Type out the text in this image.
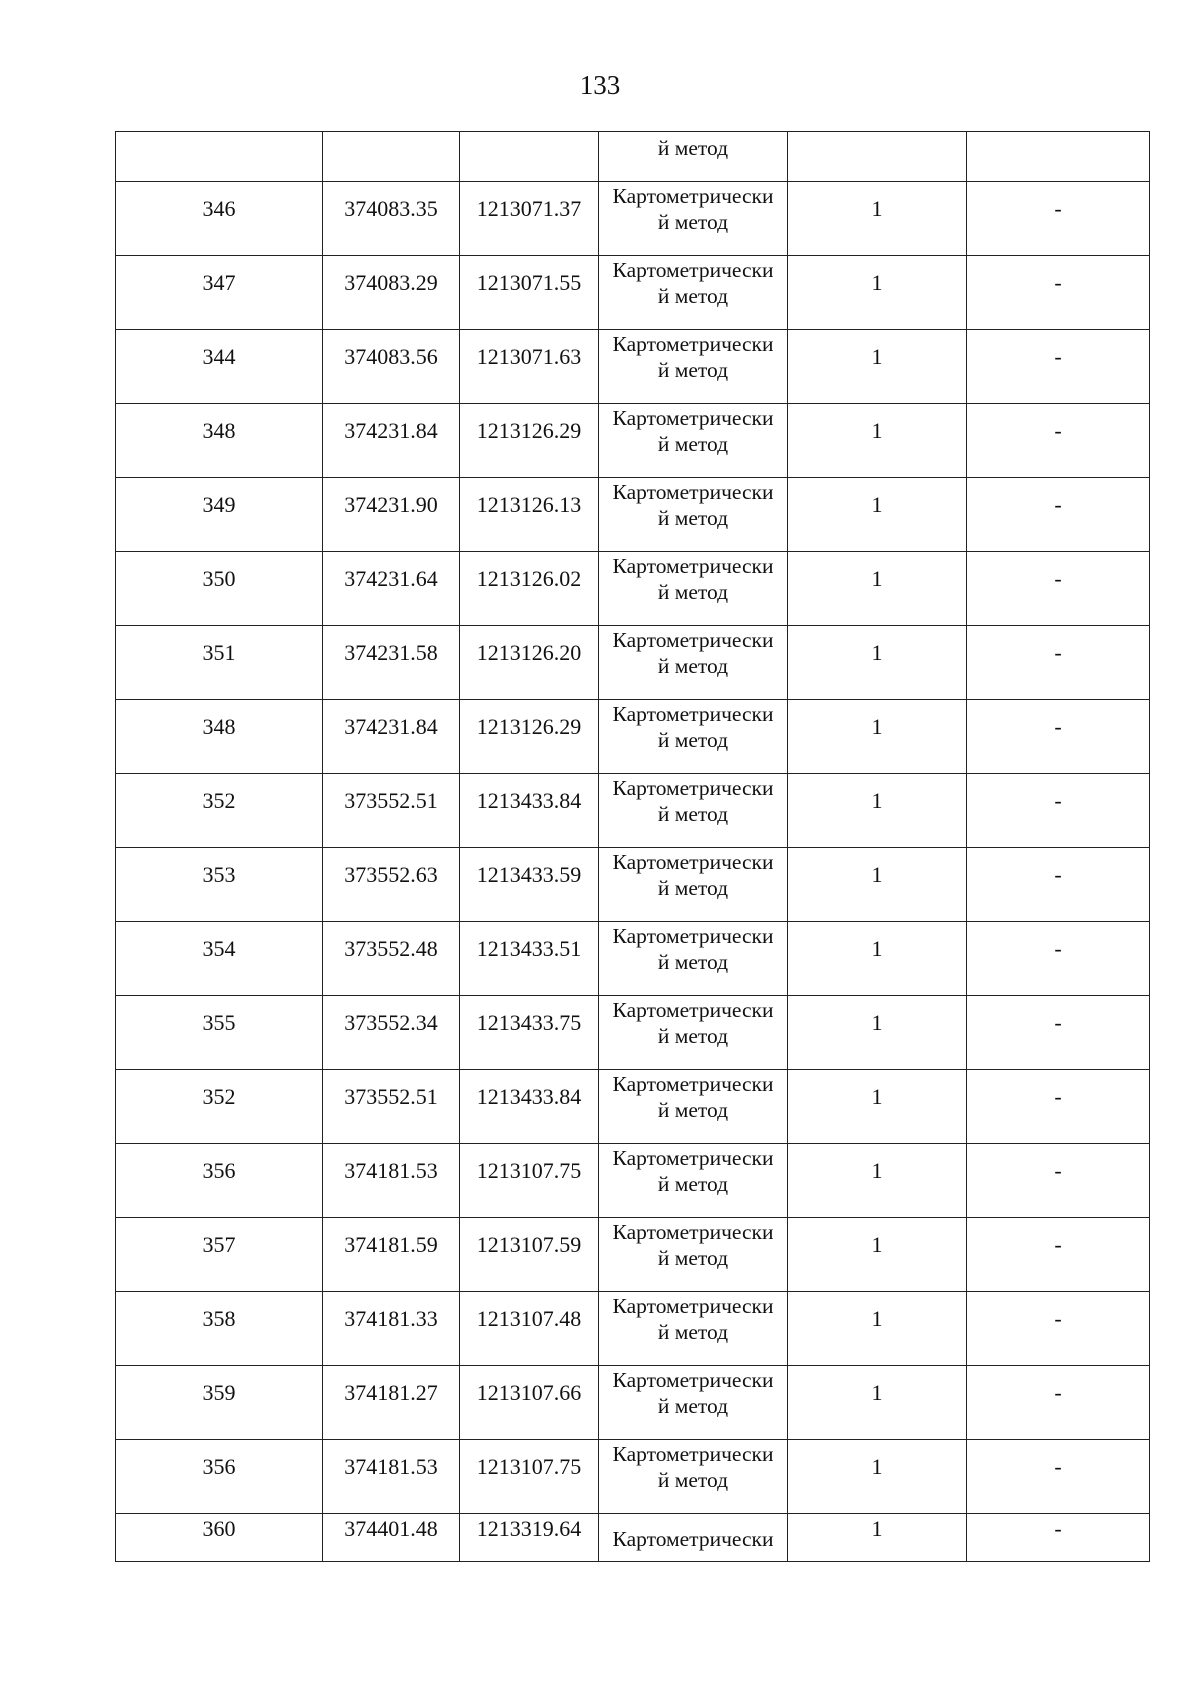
133

			й метод		

346	374083.35	1213071.37	Картометрически
й метод	1	-

347	374083.29	1213071.55	Картометрически
й метод	1	-

344	374083.56	1213071.63	Картометрически
й метод	1	-

348	374231.84	1213126.29	Картометрически
й метод	1	-

349	374231.90	1213126.13	Картометрически
й метод	1	-

350	374231.64	1213126.02	Картометрически
й метод	1	-

351	374231.58	1213126.20	Картометрически
й метод	1	-

348	374231.84	1213126.29	Картометрически
й метод	1	-

352	373552.51	1213433.84	Картометрически
й метод	1	-

353	373552.63	1213433.59	Картометрически
й метод	1	-

354	373552.48	1213433.51	Картометрически
й метод	1	-

355	373552.34	1213433.75	Картометрически
й метод	1	-

352	373552.51	1213433.84	Картометрически
й метод	1	-

356	374181.53	1213107.75	Картометрически
й метод	1	-

357	374181.59	1213107.59	Картометрически
й метод	1	-

358	374181.33	1213107.48	Картометрически
й метод	1	-

359	374181.27	1213107.66	Картометрически
й метод	1	-

356	374181.53	1213107.75	Картометрически
й метод	1	-

360	374401.48	1213319.64	Картометрически	1	-
